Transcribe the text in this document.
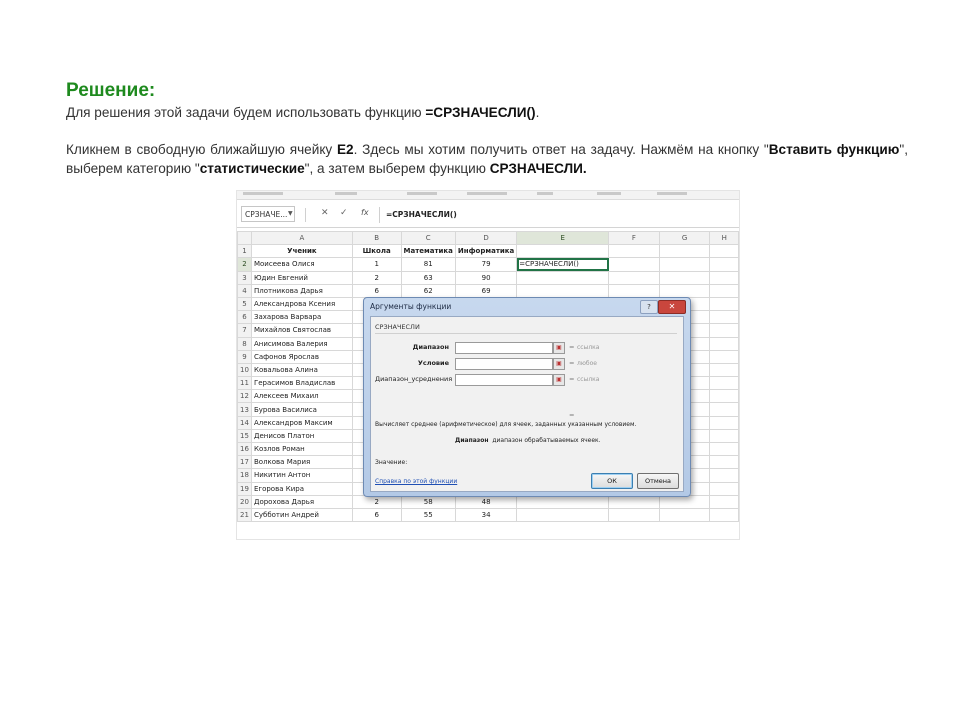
Решение:
Для решения этой задачи будем использовать функцию =СРЗНАЧЕСЛИ().
Кликнем в свободную ближайшую ячейку E2. Здесь мы хотим получить ответ на задачу. Нажмём на кнопку "Вставить функцию", выберем категорию "статистические", а затем выберем функцию СРЗНАЧЕСЛИ.
СРЗНАЧЕ... ▼	✕ ✓ fx	=СРЗНАЧЕСЛИ()
	A	B	C	D	E	F	G	H
1	Ученик	Школа	Математика	Информатика				
2	Моисеева Олися	1	81	79	=СРЗНАЧЕСЛИ()			
3	Юдин Евгений	2	63	90				
4	Плотникова Дарья	6	62	69				
5	Александрова Ксения							
6	Захарова Варвара							
7	Михайлов Святослав							
8	Анисимова Валерия							
9	Сафонов Ярослав							
10	Ковальова Алина							
11	Герасимов Владислав							
12	Алексеев Михаил							
13	Бурова Василиса							
14	Александров Максим							
15	Денисов Платон							
16	Козлов Роман							
17	Волкова Мария							
18	Никитин Антон							
19	Егорова Кира							
20	Дорохова Дарья	2	58	48				
21	Субботин Андрей	6	55	34				
Аргументы функции	?	✕
СРЗНАЧЕСЛИ
Диапазон	▣	= ссылка
Условие	▣	= любое
Диапазон_усреднения	▣	= ссылка
=
Вычисляет среднее (арифметическое) для ячеек, заданных указанным условием.
Диапазон диапазон обрабатываемых ячеек.
Значение:
Справка по этой функции	ОК	Отмена
